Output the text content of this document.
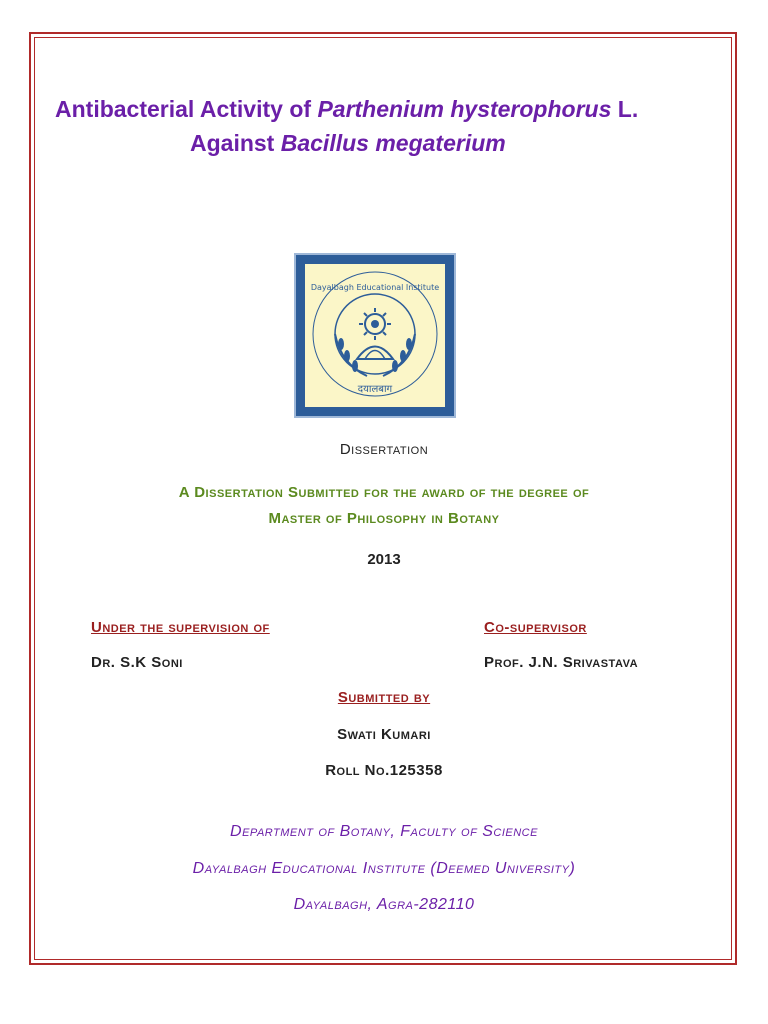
Antibacterial Activity of Parthenium hysterophorus L.
Against Bacillus megaterium
Dayalbagh Educational Institute
दयालबाग
Dissertation
A Dissertation Submitted for the award of the degree of
Master of Philosophy in Botany
2013
Under the supervision of	Co-supervisor
Dr. S.K Soni	Prof. J.N. Srivastava
Submitted by
Swati Kumari
Roll No.125358
Department of Botany, Faculty of Science
Dayalbagh Educational Institute (Deemed University)
Dayalbagh, Agra-282110
